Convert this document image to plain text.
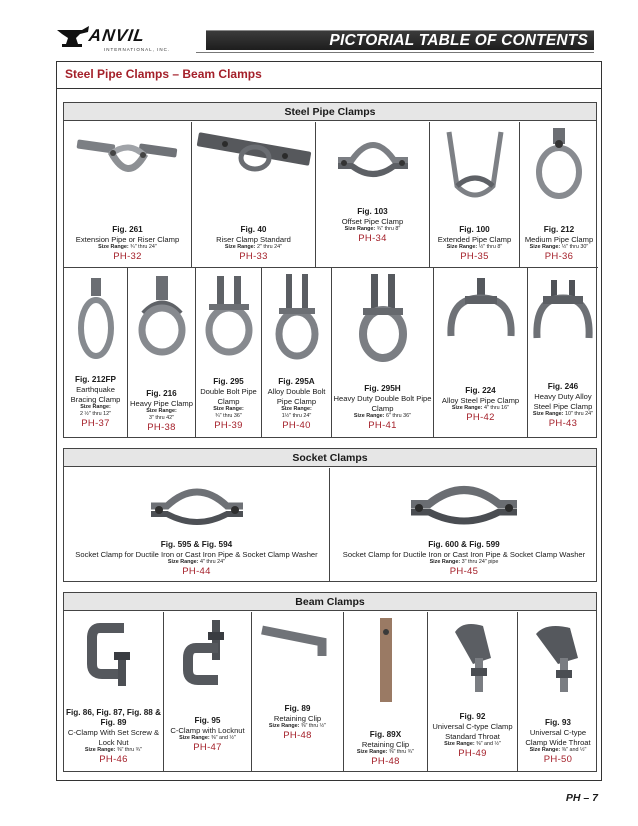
ANVIL
INTERNATIONAL, INC.
PICTORIAL TABLE OF CONTENTS
Steel Pipe Clamps – Beam Clamps
Steel Pipe Clamps
Fig. 261
Extension Pipe or Riser Clamp
Size Range: ¾" thru 24"
PH-32
Fig. 40
Riser Clamp Standard
Size Range: 2" thru 24"
PH-33
Fig. 103
Offset Pipe Clamp
Size Range: ¾" thru 8"
PH-34
Fig. 100
Extended Pipe Clamp
Size Range: ½" thru 8"
PH-35
Fig. 212
Medium Pipe Clamp
Size Range: ½" thru 30"
PH-36
Fig. 212FP
Earthquake Bracing Clamp
Size Range:
2 ½" thru 12"
PH-37
Fig. 216
Heavy Pipe Clamp
Size Range:
3" thru 42"
PH-38
Fig. 295
Double Bolt Pipe Clamp
Size Range:
¾" thru 36"
PH-39
Fig. 295A
Alloy Double Bolt Pipe Clamp
Size Range:
1½" thru 24"
PH-40
Fig. 295H
Heavy Duty Double Bolt Pipe Clamp
Size Range: 6" thru 36"
PH-41
Fig. 224
Alloy Steel Pipe Clamp
Size Range: 4" thru 16"
PH-42
Fig. 246
Heavy Duty Alloy Steel Pipe Clamp
Size Range: 10" thru 24"
PH-43
Socket Clamps
Fig. 595 & Fig. 594
Socket Clamp for Ductile Iron or Cast Iron Pipe & Socket Clamp Washer
Size Range: 4" thru 24"
PH-44
Fig. 600 & Fig. 599
Socket Clamp for Ductile Iron or Cast Iron Pipe & Socket Clamp Washer
Size Range: 3" thru 24" pipe
PH-45
Beam Clamps
Fig. 86, Fig. 87, Fig. 88 & Fig. 89
C-Clamp With Set Screw & Lock Nut
Size Range: ⅜" thru ¾"
PH-46
Fig. 95
C-Clamp with Locknut
Size Range: ⅜" and ½"
PH-47
Fig. 89
Retaining Clip
Size Range: ⅜" thru ½"
PH-48	Fig. 89X
Retaining Clip
Size Range: ⅜" thru ¾"
PH-48
Fig. 92
Universal C-type Clamp Standard Throat
Size Range: ⅜" and ½"
PH-49
Fig. 93
Universal C-type Clamp Wide Throat
Size Range: ⅜" and ½"
PH-50
PH – 7
